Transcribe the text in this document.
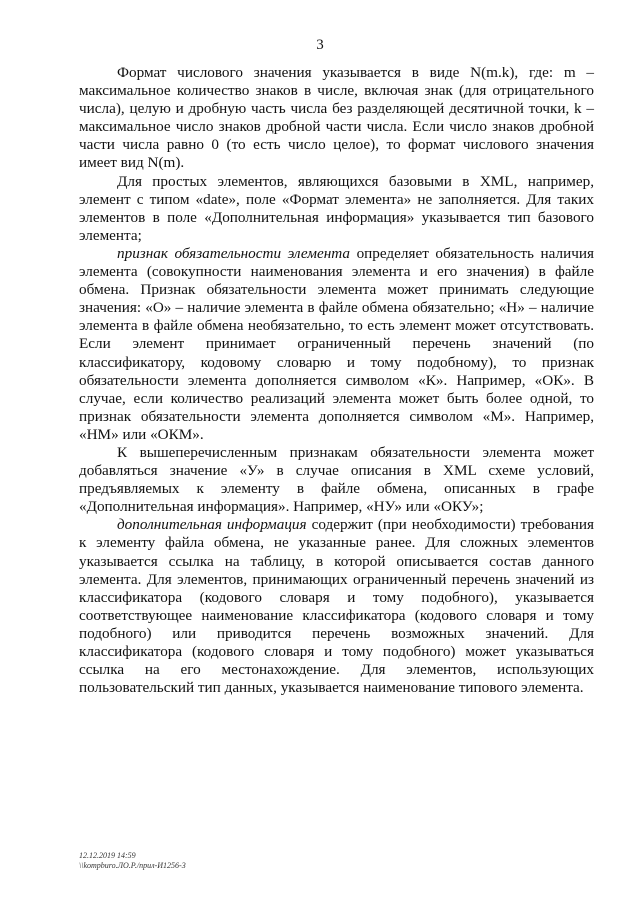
3

Формат числового значения указывается в виде N(m.k), где: m – максимальное количество знаков в числе, включая знак (для отрицательного числа), целую и дробную часть числа без разделяющей десятичной точки, k – максимальное число знаков дробной части числа. Если число знаков дробной части числа равно 0 (то есть число целое), то формат числового значения имеет вид N(m).

Для простых элементов, являющихся базовыми в XML, например, элемент с типом «date», поле «Формат элемента» не заполняется. Для таких элементов в поле «Дополнительная информация» указывается тип базового элемента;

признак обязательности элемента определяет обязательность наличия элемента (совокупности наименования элемента и его значения) в файле обмена. Признак обязательности элемента может принимать следующие значения: «О» – наличие элемента в файле обмена обязательно; «Н» – наличие элемента в файле обмена необязательно, то есть элемент может отсутствовать. Если элемент принимает ограниченный перечень значений (по классификатору, кодовому словарю и тому подобному), то признак обязательности элемента дополняется символом «К». Например, «ОК». В случае, если количество реализаций элемента может быть более одной, то признак обязательности элемента дополняется символом «М». Например, «НМ» или «ОКМ».

К вышеперечисленным признакам обязательности элемента может добавляться значение «У» в случае описания в XML схеме условий, предъявляемых к элементу в файле обмена, описанных в графе «Дополнительная информация». Например, «НУ» или «ОКУ»;

дополнительная информация содержит (при необходимости) требования к элементу файла обмена, не указанные ранее. Для сложных элементов указывается ссылка на таблицу, в которой описывается состав данного элемента. Для элементов, принимающих ограниченный перечень значений из классификатора (кодового словаря и тому подобного), указывается соответствующее наименование классификатора (кодового словаря и тому подобного) или приводится перечень возможных значений. Для классификатора (кодового словаря и тому подобного) может указываться ссылка на его местонахождение. Для элементов, использующих пользовательский тип данных, указывается наименование типового элемента.

12.12.2019 14:59
\\kompburo.ЛО.Р./прил-И1256-3
